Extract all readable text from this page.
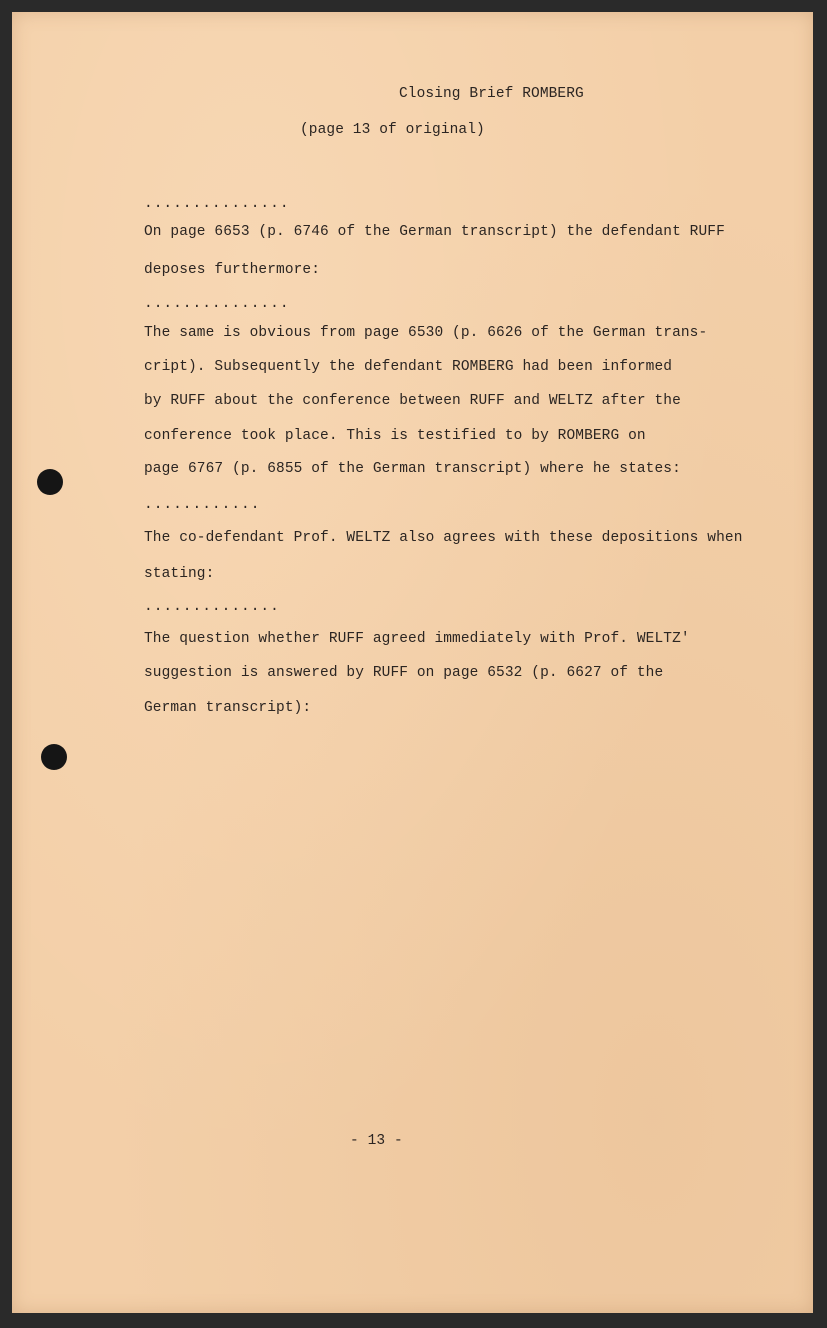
Closing Brief ROMBERG
(page 13 of original)
...............
On page 6653 (p. 6746 of the German transcript) the defendant RUFF
deposes furthermore:
...............
The same is obvious from page 6530 (p. 6626 of the German trans-
cript). Subsequently the defendant ROMBERG had been informed
by RUFF about the conference between RUFF and WELTZ after the
conference took place. This is testified to by ROMBERG on
page 6767 (p. 6855 of the German transcript) where he states:
............
The co-defendant Prof. WELTZ also agrees with these depositions when
stating:
..............
The question whether RUFF agreed immediately with Prof. WELTZ'
suggestion is answered by RUFF on page 6532 (p. 6627 of the
German transcript):
- 13 -
